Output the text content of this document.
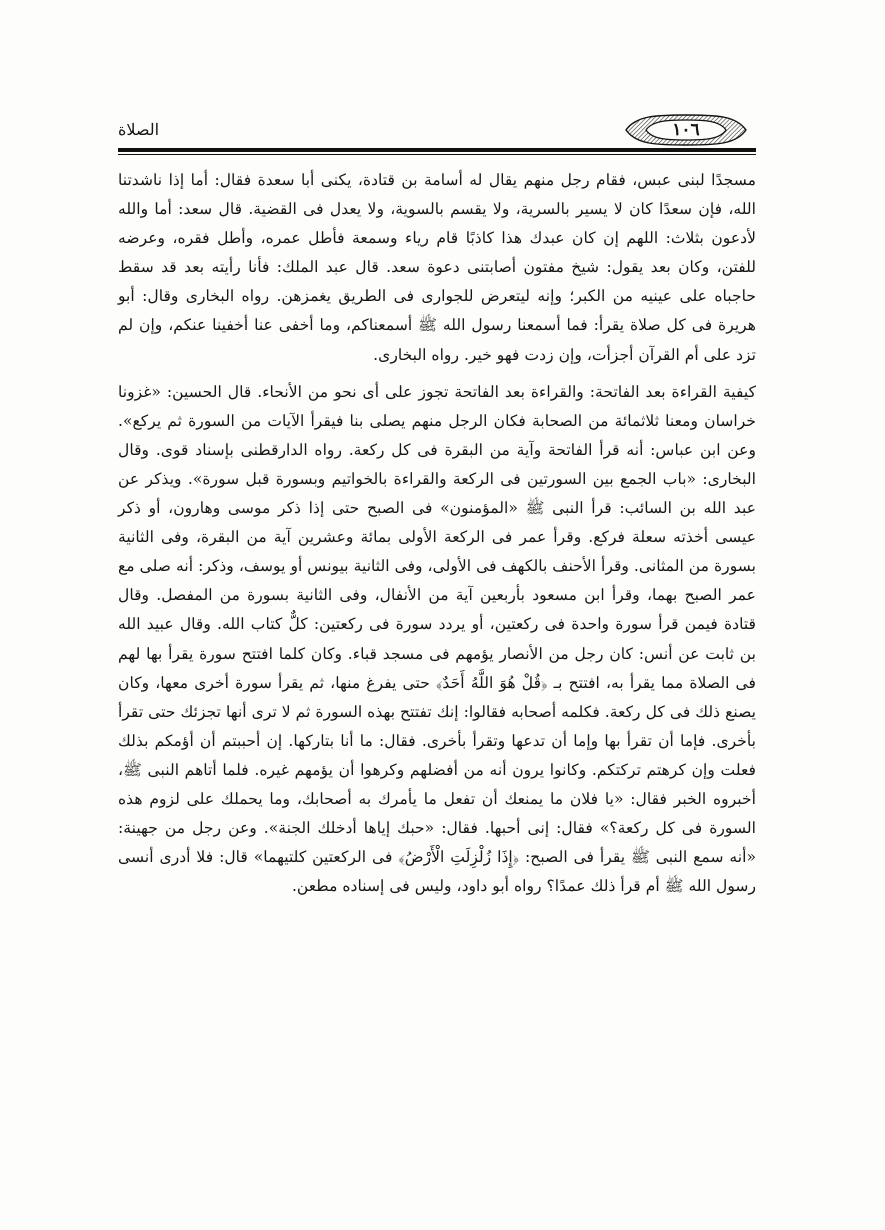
الصلاة	١٠٦

مسجدًا لبنى عبس، فقام رجل منهم يقال له أسامة بن قتادة، يكنى أبا سعدة فقال: أما إذا ناشدتنا الله، فإن سعدًا كان لا يسير بالسرية، ولا يقسم بالسوية، ولا يعدل فى القضية. قال سعد: أما والله لأدعون بثلاث: اللهم إن كان عبدك هذا كاذبًا قام رياء وسمعة فأطل عمره، وأطل فقره، وعرضه للفتن، وكان بعد يقول: شيخ مفتون أصابتنى دعوة سعد. قال عبد الملك: فأنا رأيته بعد قد سقط حاجباه على عينيه من الكبر؛ وإنه ليتعرض للجوارى فى الطريق يغمزهن. رواه البخارى وقال: أبو هريرة فى كل صلاة يقرأ: فما أسمعنا رسول الله ﷺ أسمعناكم، وما أخفى عنا أخفينا عنكم، وإن لم تزد على أم القرآن أجزأت، وإن زدت فهو خير. رواه البخارى.

كيفية القراءة بعد الفاتحة: والقراءة بعد الفاتحة تجوز على أى نحو من الأنحاء. قال الحسين: «غزونا خراسان ومعنا ثلاثمائة من الصحابة فكان الرجل منهم يصلى بنا فيقرأ الآيات من السورة ثم يركع». وعن ابن عباس: أنه قرأ الفاتحة وآية من البقرة فى كل ركعة. رواه الدارقطنى بإسناد قوى. وقال البخارى: «باب الجمع بين السورتين فى الركعة والقراءة بالخواتيم وبسورة قبل سورة». ويذكر عن عبد الله بن السائب: قرأ النبى ﷺ «المؤمنون» فى الصبح حتى إذا ذكر موسى وهارون، أو ذكر عيسى أخذته سعلة فركع. وقرأ عمر فى الركعة الأولى بمائة وعشرين آية من البقرة، وفى الثانية بسورة من المثانى. وقرأ الأحنف بالكهف فى الأولى، وفى الثانية بيونس أو يوسف، وذكر: أنه صلى مع عمر الصبح بهما، وقرأ ابن مسعود بأربعين آية من الأنفال، وفى الثانية بسورة من المفصل. وقال قتادة فيمن قرأ سورة واحدة فى ركعتين، أو يردد سورة فى ركعتين: كلٌّ كتاب الله. وقال عبيد الله بن ثابت عن أنس: كان رجل من الأنصار يؤمهم فى مسجد قباء. وكان كلما افتتح سورة يقرأ بها لهم فى الصلاة مما يقرأ به، افتتح بـ ﴿قُلْ هُوَ اللَّهُ أَحَدٌ﴾ حتى يفرغ منها، ثم يقرأ سورة أخرى معها، وكان يصنع ذلك فى كل ركعة. فكلمه أصحابه فقالوا: إنك تفتتح بهذه السورة ثم لا ترى أنها تجزئك حتى تقرأ بأخرى. فإما أن تقرأ بها وإما أن تدعها وتقرأ بأخرى. فقال: ما أنا بتاركها. إن أحببتم أن أؤمكم بذلك فعلت وإن كرهتم تركتكم. وكانوا يرون أنه من أفضلهم وكرهوا أن يؤمهم غيره. فلما أتاهم النبى ﷺ، أخبروه الخبر فقال: «يا فلان ما يمنعك أن تفعل ما يأمرك به أصحابك، وما يحملك على لزوم هذه السورة فى كل ركعة؟» فقال: إنى أحبها. فقال: «حبك إياها أدخلك الجنة». وعن رجل من جهينة: «أنه سمع النبى ﷺ يقرأ فى الصبح: ﴿إِذَا زُلْزِلَتِ الْأَرْضُ﴾ فى الركعتين كلتيهما» قال: فلا أدرى أنسى رسول الله ﷺ أم قرأ ذلك عمدًا؟ رواه أبو داود، وليس فى إسناده مطعن.
